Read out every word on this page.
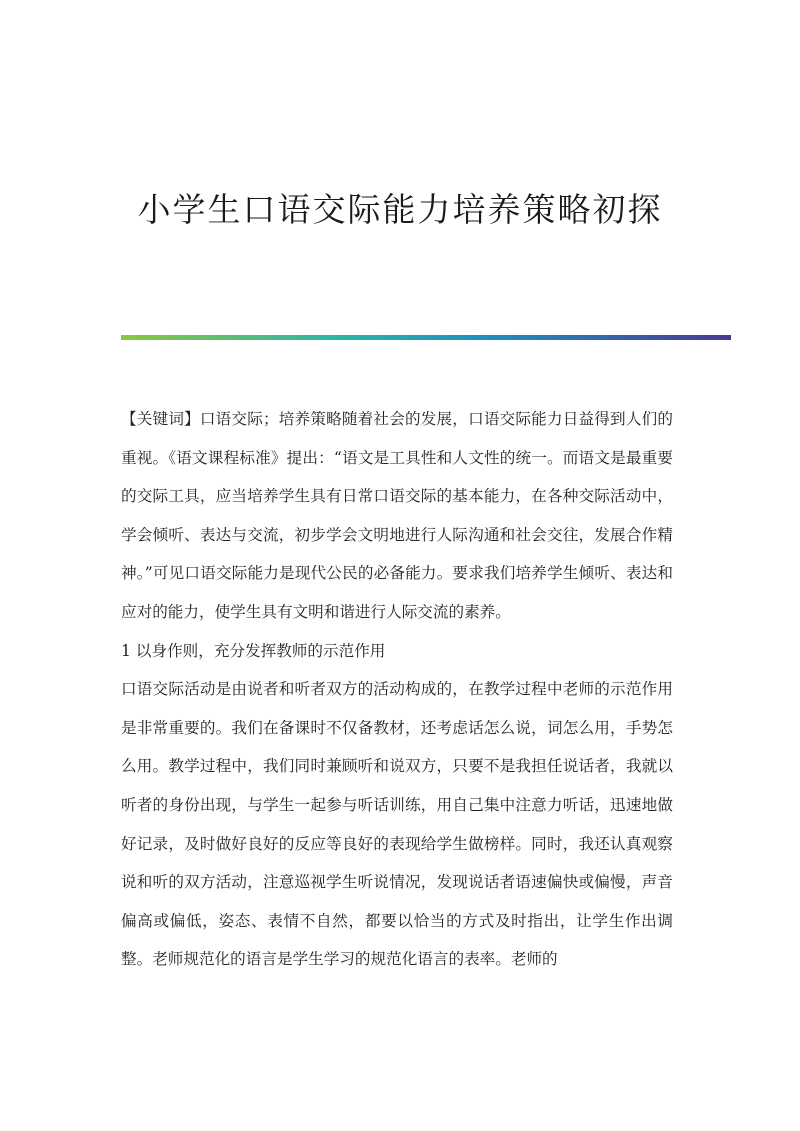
小学生口语交际能力培养策略初探

【关键词】口语交际；培养策略随着社会的发展，口语交际能力日益得到人们的重视。《语文课程标准》提出：“语文是工具性和人文性的统一。而语文是最重要的交际工具，应当培养学生具有日常口语交际的基本能力，在各种交际活动中，学会倾听、表达与交流，初步学会文明地进行人际沟通和社会交往，发展合作精神。”可见口语交际能力是现代公民的必备能力。要求我们培养学生倾听、表达和应对的能力，使学生具有文明和谐进行人际交流的素养。

1 以身作则，充分发挥教师的示范作用

口语交际活动是由说者和听者双方的活动构成的，在教学过程中老师的示范作用是非常重要的。我们在备课时不仅备教材，还考虑话怎么说，词怎么用，手势怎么用。教学过程中，我们同时兼顾听和说双方，只要不是我担任说话者，我就以听者的身份出现，与学生一起参与听话训练，用自己集中注意力听话，迅速地做好记录，及时做好良好的反应等良好的表现给学生做榜样。同时，我还认真观察说和听的双方活动，注意巡视学生听说情况，发现说话者语速偏快或偏慢，声音偏高或偏低，姿态、表情不自然，都要以恰当的方式及时指出，让学生作出调整。老师规范化的语言是学生学习的规范化语言的表率。老师的
